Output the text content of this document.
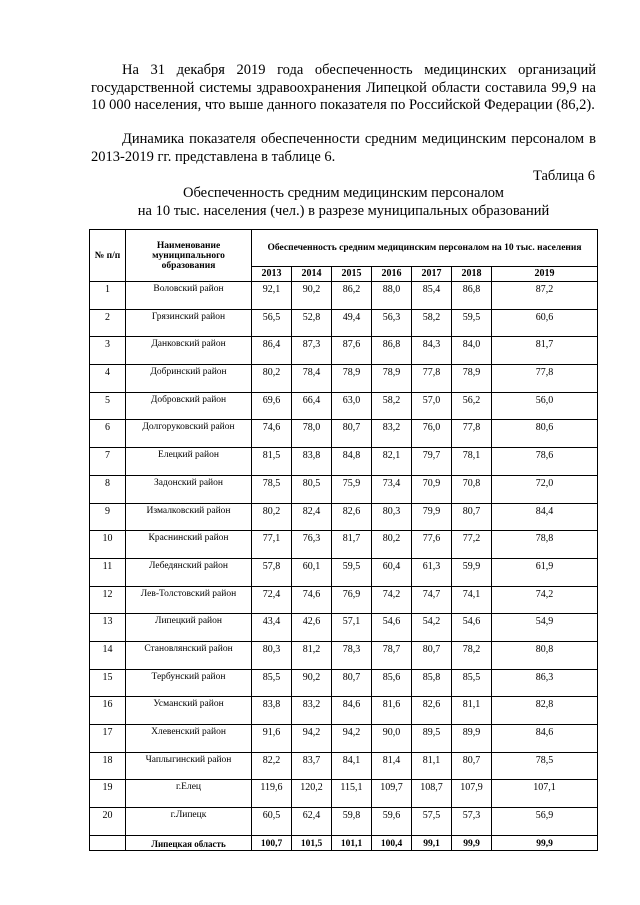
На 31 декабря 2019 года обеспеченность медицинских организаций государственной системы здравоохранения Липецкой области составила 99,9 на 10 000 населения, что выше данного показателя по Российской Федерации (86,2).

Динамика показателя обеспеченности средним медицинским персоналом в 2013-2019 гг. представлена в таблице 6.

Таблица 6
Обеспеченность средним медицинским персоналом
на 10 тыс. населения (чел.) в разрезе муниципальных образований
№ п/п	Наименование муниципального образования	Обеспеченность средним медицинским персоналом на 10 тыс. населения						
		2013	2014	2015	2016	2017	2018	2019
1	Воловский район	92,1	90,2	86,2	88,0	85,4	86,8	87,2
2	Грязинский район	56,5	52,8	49,4	56,3	58,2	59,5	60,6
3	Данковский район	86,4	87,3	87,6	86,8	84,3	84,0	81,7
4	Добринский район	80,2	78,4	78,9	78,9	77,8	78,9	77,8
5	Добровский район	69,6	66,4	63,0	58,2	57,0	56,2	56,0
6	Долгоруковский район	74,6	78,0	80,7	83,2	76,0	77,8	80,6
7	Елецкий район	81,5	83,8	84,8	82,1	79,7	78,1	78,6
8	Задонский район	78,5	80,5	75,9	73,4	70,9	70,8	72,0
9	Измалковский район	80,2	82,4	82,6	80,3	79,9	80,7	84,4
10	Краснинский район	77,1	76,3	81,7	80,2	77,6	77,2	78,8
11	Лебедянский район	57,8	60,1	59,5	60,4	61,3	59,9	61,9
12	Лев-Толстовский район	72,4	74,6	76,9	74,2	74,7	74,1	74,2
13	Липецкий район	43,4	42,6	57,1	54,6	54,2	54,6	54,9
14	Становлянский район	80,3	81,2	78,3	78,7	80,7	78,2	80,8
15	Тербунский район	85,5	90,2	80,7	85,6	85,8	85,5	86,3
16	Усманский район	83,8	83,2	84,6	81,6	82,6	81,1	82,8
17	Хлевенский район	91,6	94,2	94,2	90,0	89,5	89,9	84,6
18	Чаплыгинский район	82,2	83,7	84,1	81,4	81,1	80,7	78,5
19	г.Елец	119,6	120,2	115,1	109,7	108,7	107,9	107,1
20	г.Липецк	60,5	62,4	59,8	59,6	57,5	57,3	56,9
	Липецкая область	100,7	101,5	101,1	100,4	99,1	99,9	99,9
